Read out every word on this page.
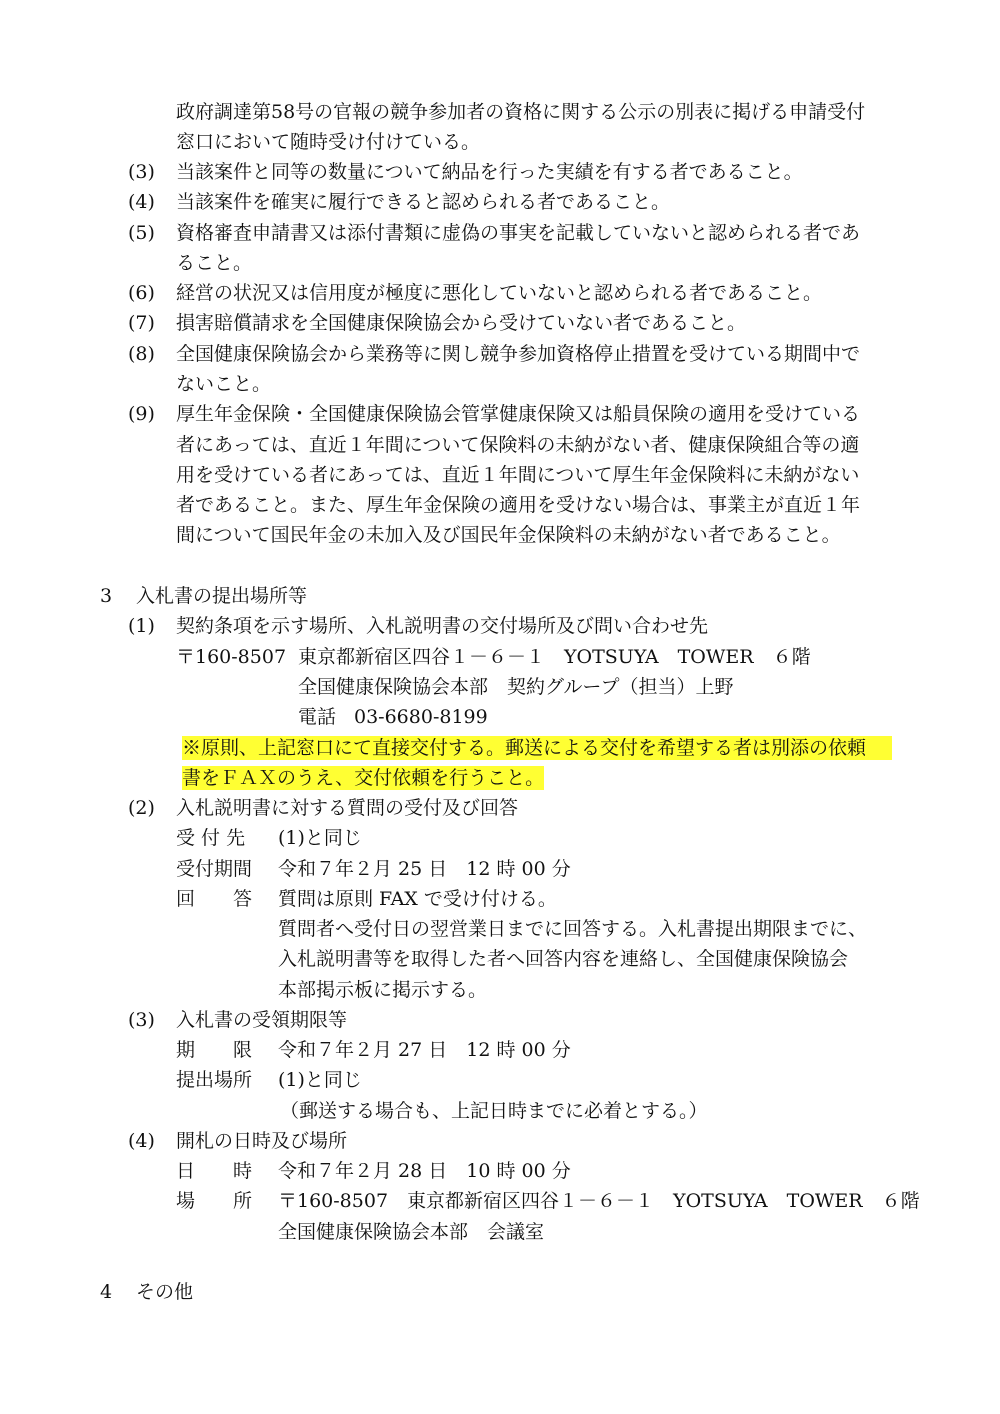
政府調達第58号の官報の競争参加者の資格に関する公示の別表に掲げる申請受付
窓口において随時受け付けている。
(3) 当該案件と同等の数量について納品を行った実績を有する者であること。
(4) 当該案件を確実に履行できると認められる者であること。
(5) 資格審査申請書又は添付書類に虚偽の事実を記載していないと認められる者であ
ること。
(6) 経営の状況又は信用度が極度に悪化していないと認められる者であること。
(7) 損害賠償請求を全国健康保険協会から受けていない者であること。
(8) 全国健康保険協会から業務等に関し競争参加資格停止措置を受けている期間中で
ないこと。
(9) 厚生年金保険・全国健康保険協会管掌健康保険又は船員保険の適用を受けている
者にあっては、直近１年間について保険料の未納がない者、健康保険組合等の適
用を受けている者にあっては、直近１年間について厚生年金保険料に未納がない
者であること。また、厚生年金保険の適用を受けない場合は、事業主が直近１年
間について国民年金の未加入及び国民年金保険料の未納がない者であること。
3 入札書の提出場所等
(1) 契約条項を示す場所、入札説明書の交付場所及び問い合わせ先
〒160-8507 東京都新宿区四谷１－６－１　YOTSUYA　TOWER　６階
全国健康保険協会本部　契約グループ（担当）上野
電話 03-6680-8199
※原則、上記窓口にて直接交付する。郵送による交付を希望する者は別添の依頼
書をＦＡＸのうえ、交付依頼を行うこと。
(2) 入札説明書に対する質問の受付及び回答
受 付 先 (1)と同じ
受付期間 令和７年２月 25 日　12 時 00 分
回　　答 質問は原則 FAX で受け付ける。
質問者へ受付日の翌営業日までに回答する。入札書提出期限までに、
入札説明書等を取得した者へ回答内容を連絡し、全国健康保険協会
本部掲示板に掲示する。
(3) 入札書の受領期限等
期　　限 令和７年２月 27 日　12 時 00 分
提出場所 (1)と同じ
（郵送する場合も、上記日時までに必着とする。）
(4) 開札の日時及び場所
日　　時 令和７年２月 28 日　10 時 00 分
場　　所 〒160-8507　東京都新宿区四谷１－６－１　YOTSUYA　TOWER　６階
全国健康保険協会本部　会議室
4 その他
